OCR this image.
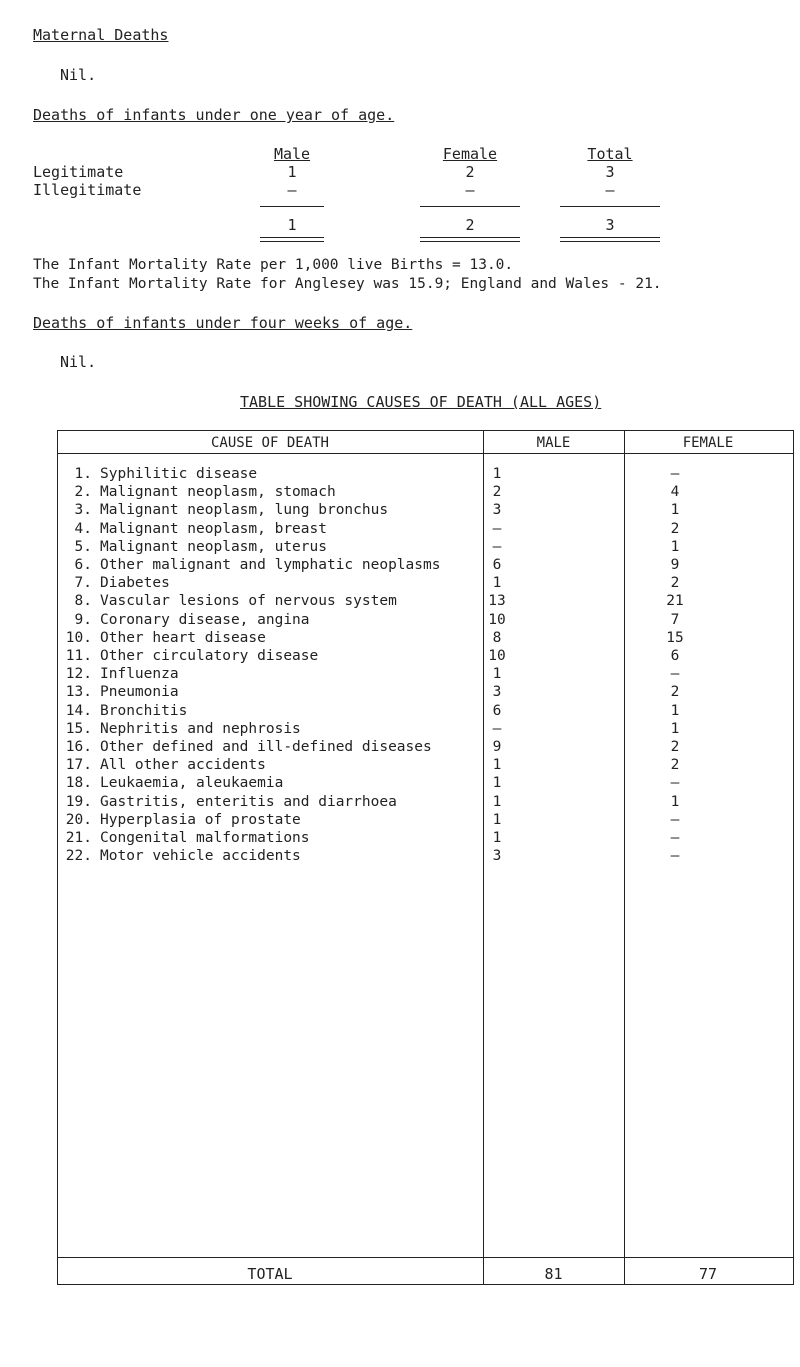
Maternal Deaths
Nil.
Deaths of infants under one year of age.
Male	Female	Total
Legitimate	1	2	3
Illegitimate	–	–	–
1	2	3
The Infant Mortality Rate per 1,000 live Births = 13.0.
The Infant Mortality Rate for Anglesey was 15.9; England and Wales - 21.
Deaths of infants under four weeks of age.
Nil.
TABLE SHOWING CAUSES OF DEATH (ALL AGES)
CAUSE OF DEATH	MALE	FEMALE
1. Syphilitic disease	1	–
2. Malignant neoplasm, stomach	2	4
3. Malignant neoplasm, lung bronchus	3	1
4. Malignant neoplasm, breast	–	2
5. Malignant neoplasm, uterus	–	1
6. Other malignant and lymphatic neoplasms	6	9
7. Diabetes	1	2
8. Vascular lesions of nervous system	13	21
9. Coronary disease, angina	10	7
10. Other heart disease	8	15
11. Other circulatory disease	10	6
12. Influenza	1	–
13. Pneumonia	3	2
14. Bronchitis	6	1
15. Nephritis and nephrosis	–	1
16. Other defined and ill-defined diseases	9	2
17. All other accidents	1	2
18. Leukaemia, aleukaemia	1	–
19. Gastritis, enteritis and diarrhoea	1	1
20. Hyperplasia of prostate	1	–
21. Congenital malformations	1	–
22. Motor vehicle accidents	3	–
TOTAL	81	77
